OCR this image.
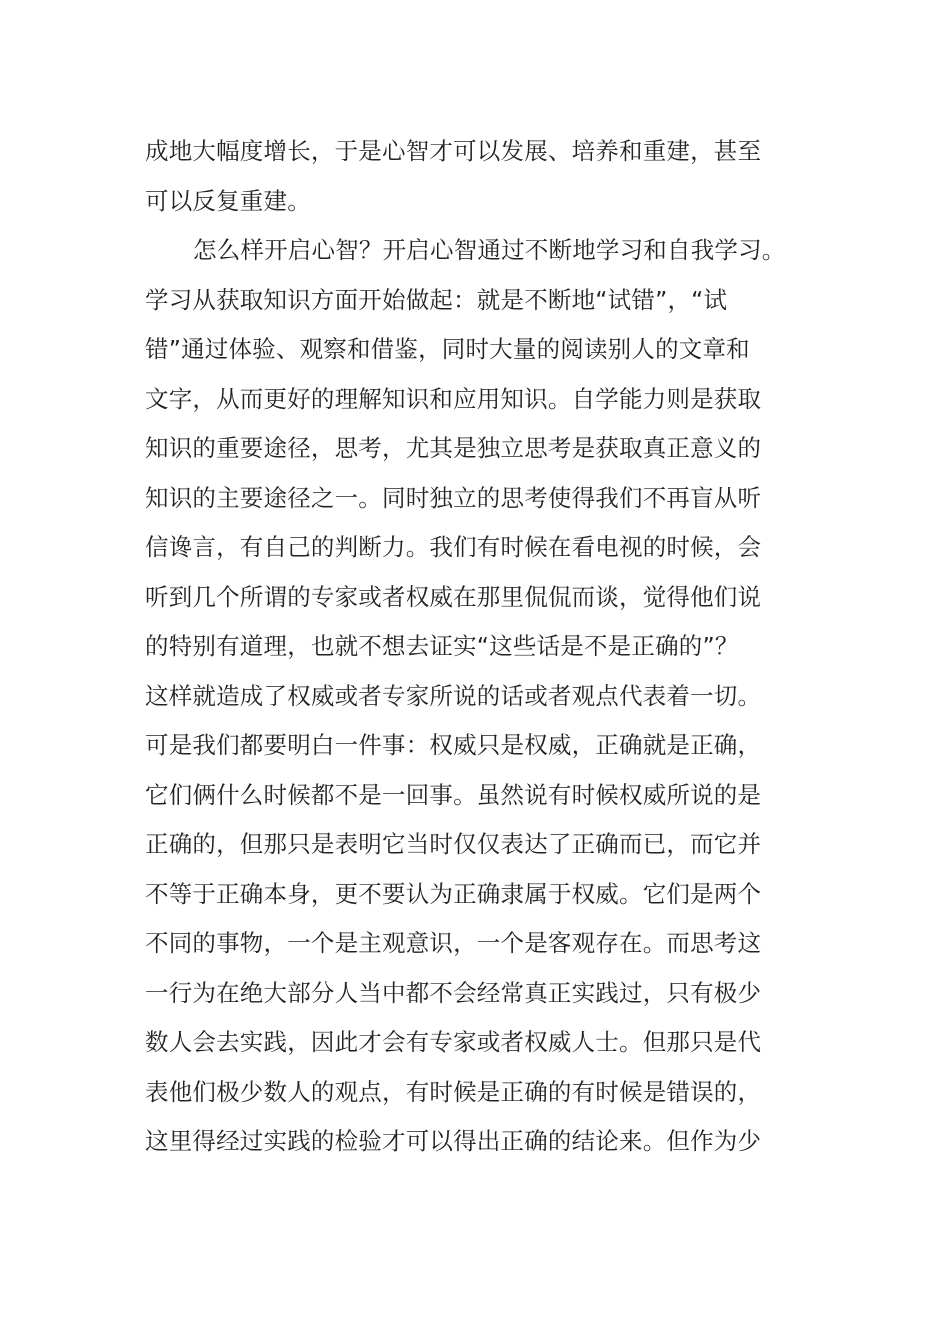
成地大幅度增长，于是心智才可以发展、培养和重建，甚至
可以反复重建。
怎么样开启心智？开启心智通过不断地学习和自我学习。
学习从获取知识方面开始做起：就是不断地“试错”，“试
错”通过体验、观察和借鉴，同时大量的阅读别人的文章和
文字，从而更好的理解知识和应用知识。自学能力则是获取
知识的重要途径，思考，尤其是独立思考是获取真正意义的
知识的主要途径之一。同时独立的思考使得我们不再盲从听
信谗言，有自己的判断力。我们有时候在看电视的时候，会
听到几个所谓的专家或者权威在那里侃侃而谈，觉得他们说
的特别有道理，也就不想去证实“这些话是不是正确的”？
这样就造成了权威或者专家所说的话或者观点代表着一切。
可是我们都要明白一件事：权威只是权威，正确就是正确，
它们俩什么时候都不是一回事。虽然说有时候权威所说的是
正确的，但那只是表明它当时仅仅表达了正确而已，而它并
不等于正确本身，更不要认为正确隶属于权威。它们是两个
不同的事物，一个是主观意识，一个是客观存在。而思考这
一行为在绝大部分人当中都不会经常真正实践过，只有极少
数人会去实践，因此才会有专家或者权威人士。但那只是代
表他们极少数人的观点，有时候是正确的有时候是错误的，
这里得经过实践的检验才可以得出正确的结论来。但作为少
